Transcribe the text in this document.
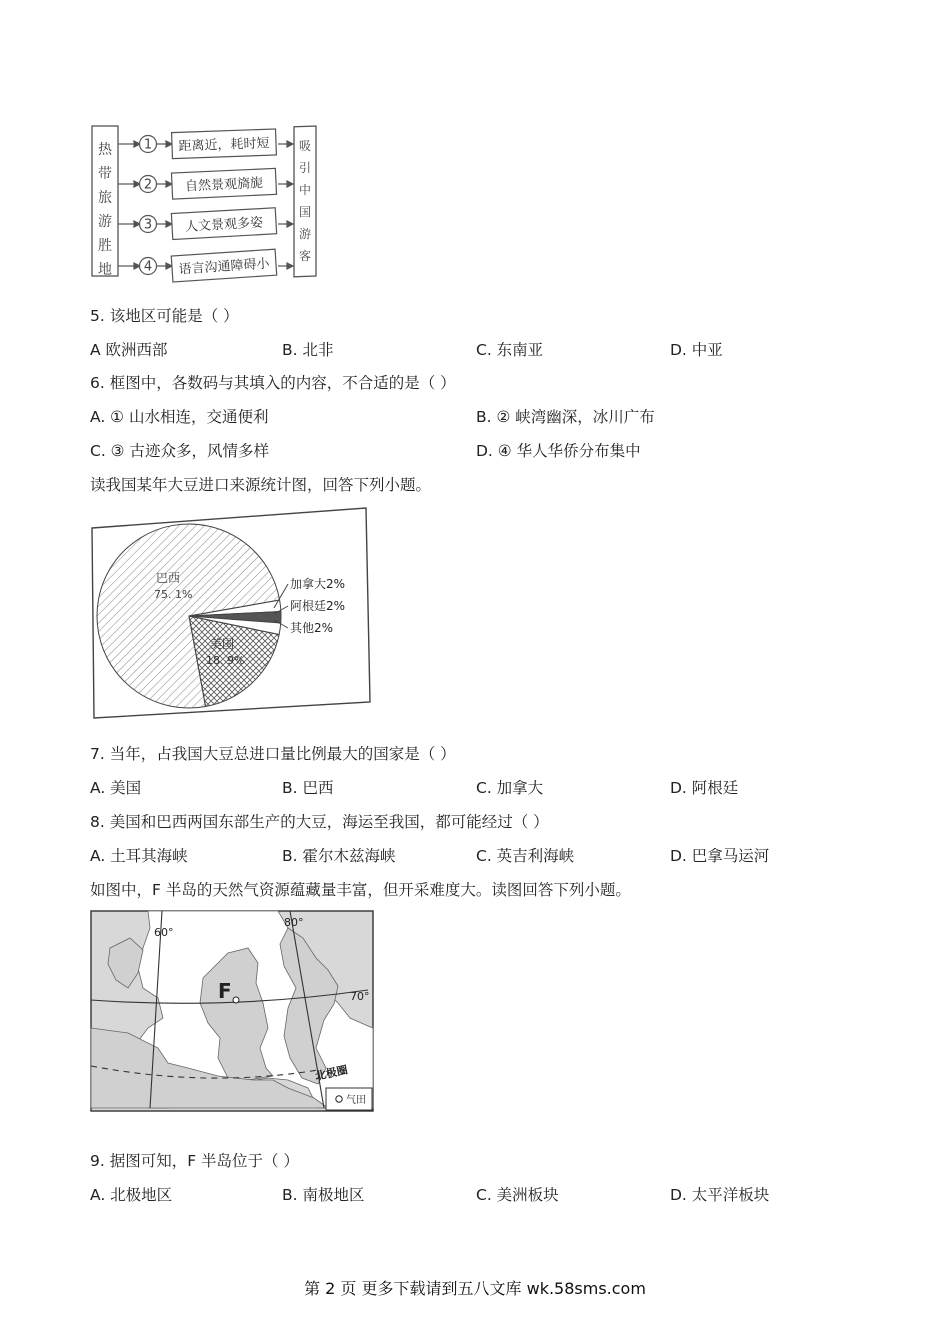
热
带
旅
游
胜
地
1
2
3
4
距离近，耗时短
自然景观旖旎
人文景观多姿
语言沟通障碍小
吸
引
中
国
游
客
5. 该地区可能是（ ）
A 欧洲西部	B. 北非	C. 东南亚	D. 中亚
6. 框图中，各数码与其填入的内容，不合适的是（ ）
A. ① 山水相连，交通便利	B. ② 峡湾幽深，冰川广布
C. ③ 古迹众多，风情多样	D. ④ 华人华侨分布集中
读我国某年大豆进口来源统计图，回答下列小题。
巴西
75. 1%
美国
18. 9%
加拿大2%
阿根廷2%
其他2%
7. 当年，占我国大豆总进口量比例最大的国家是（ ）
A. 美国	B. 巴西	C. 加拿大	D. 阿根廷
8. 美国和巴西两国东部生产的大豆，海运至我国，都可能经过（ ）
A. 土耳其海峡	B. 霍尔木兹海峡	C. 英吉利海峡	D. 巴拿马运河
如图中，F 半岛的天然气资源蕴藏量丰富，但开采难度大。读图回答下列小题。
60°
80°
70°
F
北极圈
气田
9. 据图可知，F 半岛位于（ ）
A. 北极地区	B. 南极地区	C. 美洲板块	D. 太平洋板块
第 2 页 更多下载请到五八文库 wk.58sms.com
